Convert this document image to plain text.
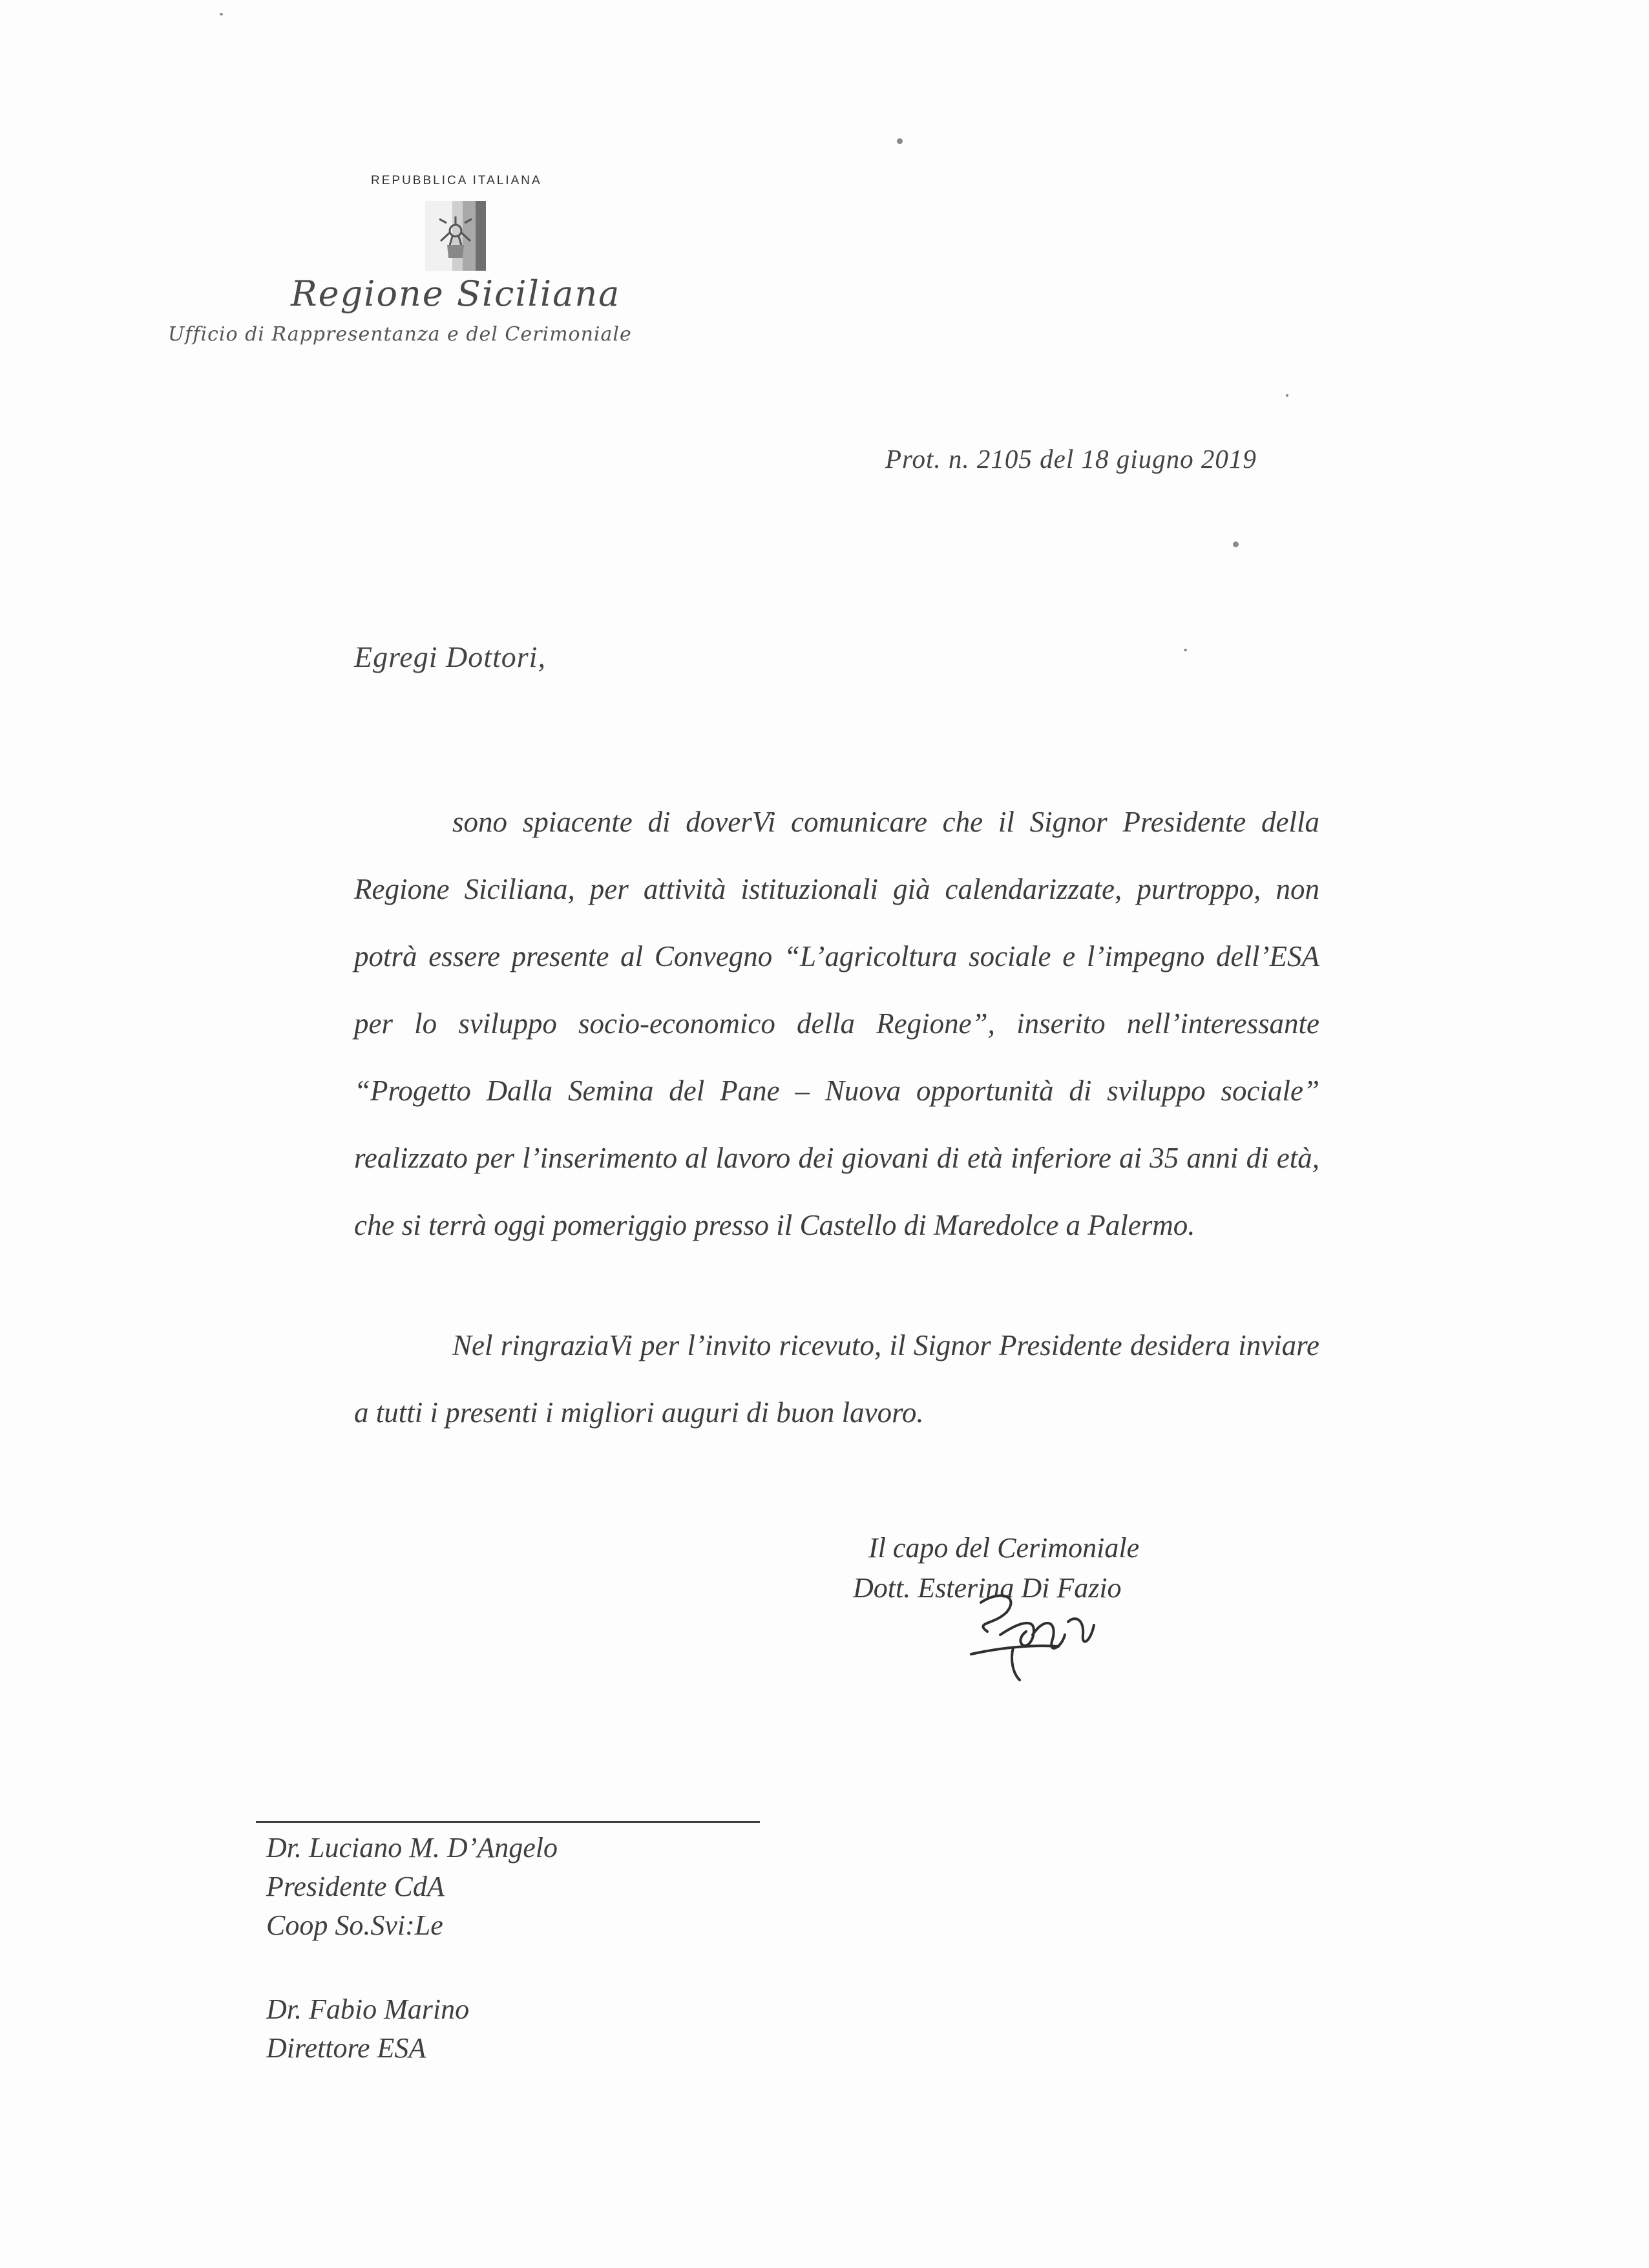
REPUBBLICA ITALIANA
Regione Siciliana
Ufficio di Rappresentanza e del Cerimoniale
Prot. n. 2105 del 18 giugno 2019
Egregi Dottori,

sono spiacente di doverVi comunicare che il Signor Presidente della Regione Siciliana, per attività istituzionali già calendarizzate, purtroppo, non potrà essere presente al Convegno “L’agricoltura sociale e l’impegno dell’ESA per lo sviluppo socio-economico della Regione”, inserito nell’interessante “Progetto Dalla Semina del Pane – Nuova opportunità di sviluppo sociale” realizzato per l’inserimento al lavoro dei giovani di età inferiore ai 35 anni di età, che si terrà oggi pomeriggio presso il Castello di Maredolce a Palermo.

Nel ringraziaVi per l’invito ricevuto, il Signor Presidente desidera inviare a tutti i presenti i migliori auguri di buon lavoro.

Il capo del Cerimoniale
Dott. Esterina Di Fazio
Dr. Luciano M. D’Angelo
Presidente CdA
Coop So.Svi:Le
Dr. Fabio Marino
Direttore ESA
